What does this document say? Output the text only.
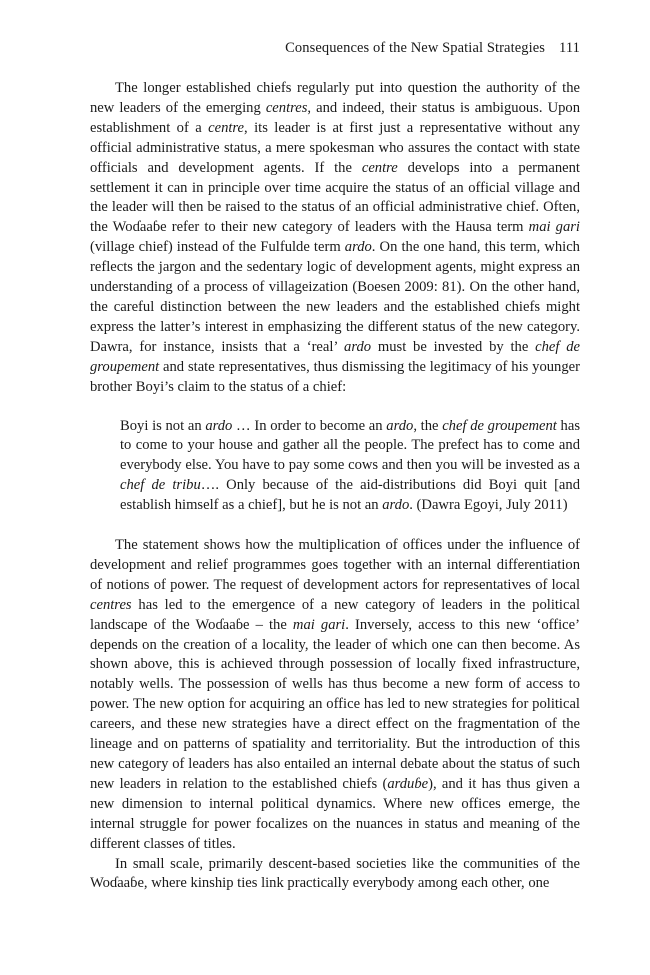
Consequences of the New Spatial Strategies 111

The longer established chiefs regularly put into question the authority of the new leaders of the emerging centres, and indeed, their status is ambiguous. Upon establishment of a centre, its leader is at first just a representative without any official administrative status, a mere spokesman who assures the contact with state officials and development agents. If the centre develops into a permanent settlement it can in principle over time acquire the status of an official village and the leader will then be raised to the status of an official administrative chief. Often, the Woɗaaɓe refer to their new category of leaders with the Hausa term mai gari (village chief) instead of the Fulfulde term ardo. On the one hand, this term, which reflects the jargon and the sedentary logic of development agents, might express an understanding of a process of villageization (Boesen 2009: 81). On the other hand, the careful distinction between the new leaders and the established chiefs might express the latter’s interest in emphasizing the different status of the new category. Dawra, for instance, insists that a ‘real’ ardo must be invested by the chef de groupement and state representatives, thus dismissing the legitimacy of his younger brother Boyi’s claim to the status of a chief:

Boyi is not an ardo … In order to become an ardo, the chef de groupement has to come to your house and gather all the people. The prefect has to come and everybody else. You have to pay some cows and then you will be invested as a chef de tribu…. Only because of the aid-distributions did Boyi quit [and establish himself as a chief], but he is not an ardo. (Dawra Egoyi, July 2011)

The statement shows how the multiplication of offices under the influence of development and relief programmes goes together with an internal differentiation of notions of power. The request of development actors for representatives of local centres has led to the emergence of a new category of leaders in the political landscape of the Woɗaaɓe – the mai gari. Inversely, access to this new ‘office’ depends on the creation of a locality, the leader of which one can then become. As shown above, this is achieved through possession of locally fixed infrastructure, notably wells. The possession of wells has thus become a new form of access to power. The new option for acquiring an office has led to new strategies for political careers, and these new strategies have a direct effect on the fragmentation of the lineage and on patterns of spatiality and territoriality. But the introduction of this new category of leaders has also entailed an internal debate about the status of such new leaders in relation to the established chiefs (arduɓe), and it has thus given a new dimension to internal political dynamics. Where new offices emerge, the internal struggle for power focalizes on the nuances in status and meaning of the different classes of titles.

In small scale, primarily descent-based societies like the communities of the Woɗaaɓe, where kinship ties link practically everybody among each other, one
